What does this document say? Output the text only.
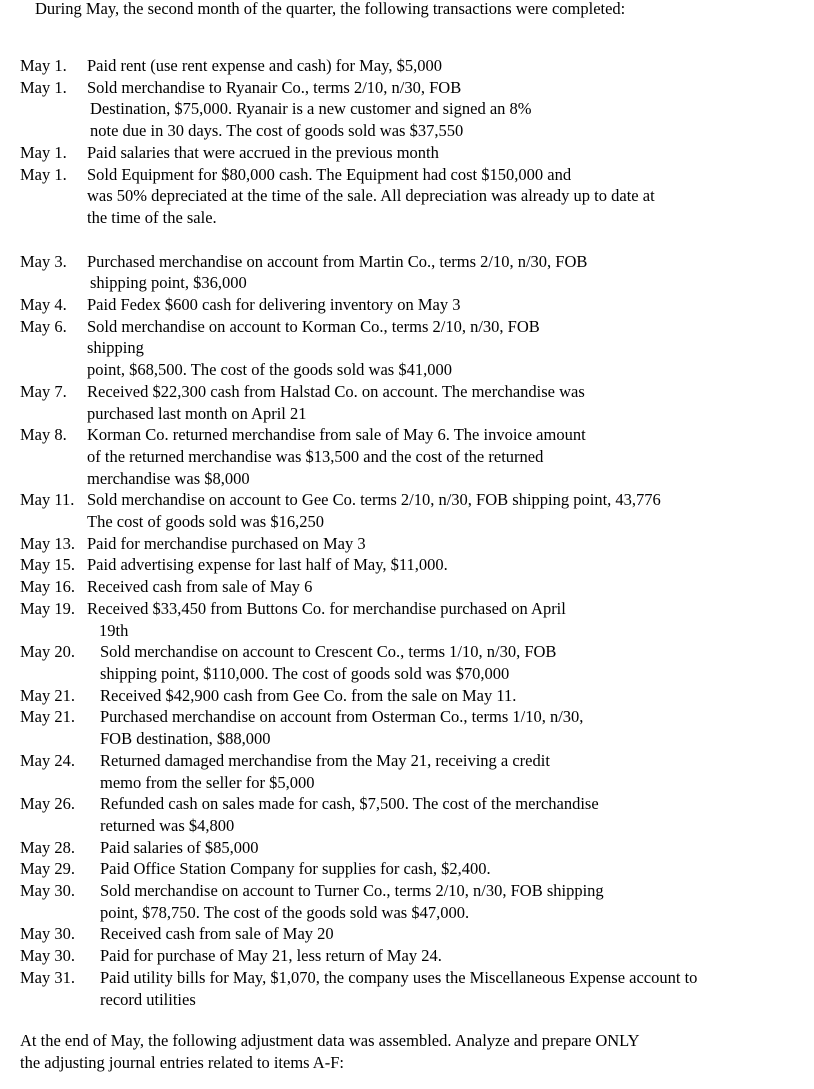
During May, the second month of the quarter, the following transactions were completed:
May 1.	Paid rent (use rent expense and cash) for May, $5,000
May 1.	Sold merchandise to Ryanair Co., terms 2/10, n/30, FOB
Destination, $75,000. Ryanair is a new customer and signed an 8%
note due in 30 days. The cost of goods sold was $37,550
May 1.	Paid salaries that were accrued in the previous month
May 1.	Sold Equipment for $80,000 cash. The Equipment had cost $150,000 and
was 50% depreciated at the time of the sale. All depreciation was already up to date at
the time of the sale.
May 3.	Purchased merchandise on account from Martin Co., terms 2/10, n/30, FOB
shipping point, $36,000
May 4.	Paid Fedex $600 cash for delivering inventory on May 3
May 6.	Sold merchandise on account to Korman Co., terms 2/10, n/30, FOB
shipping
point, $68,500. The cost of the goods sold was $41,000
May 7.	Received $22,300 cash from Halstad Co. on account. The merchandise was
purchased last month on April 21
May 8.	Korman Co. returned merchandise from sale of May 6. The invoice amount
of the returned merchandise was $13,500 and the cost of the returned
merchandise was $8,000
May 11. Sold merchandise on account to Gee Co. terms 2/10, n/30, FOB shipping point, 43,776
The cost of goods sold was $16,250
May 13. Paid for merchandise purchased on May 3
May 15. Paid advertising expense for last half of May, $11,000.
May 16. Received cash from sale of May 6
May 19. Received $33,450 from Buttons Co. for merchandise purchased on April
19th
May 20.	Sold merchandise on account to Crescent Co., terms 1/10, n/30, FOB
shipping point, $110,000. The cost of goods sold was $70,000
May 21.	Received $42,900 cash from Gee Co. from the sale on May 11.
May 21.	Purchased merchandise on account from Osterman Co., terms 1/10, n/30,
FOB destination, $88,000
May 24.	Returned damaged merchandise from the May 21, receiving a credit
memo from the seller for $5,000
May 26.	Refunded cash on sales made for cash, $7,500. The cost of the merchandise
returned was $4,800
May 28.	Paid salaries of $85,000
May 29.	Paid Office Station Company for supplies for cash, $2,400.
May 30.	Sold merchandise on account to Turner Co., terms 2/10, n/30, FOB shipping
point, $78,750. The cost of the goods sold was $47,000.
May 30.	Received cash from sale of May 20
May 30.	Paid for purchase of May 21, less return of May 24.
May 31.	Paid utility bills for May, $1,070, the company uses the Miscellaneous Expense account to
record utilities
At the end of May, the following adjustment data was assembled. Analyze and prepare ONLY
the adjusting journal entries related to items A-F:
